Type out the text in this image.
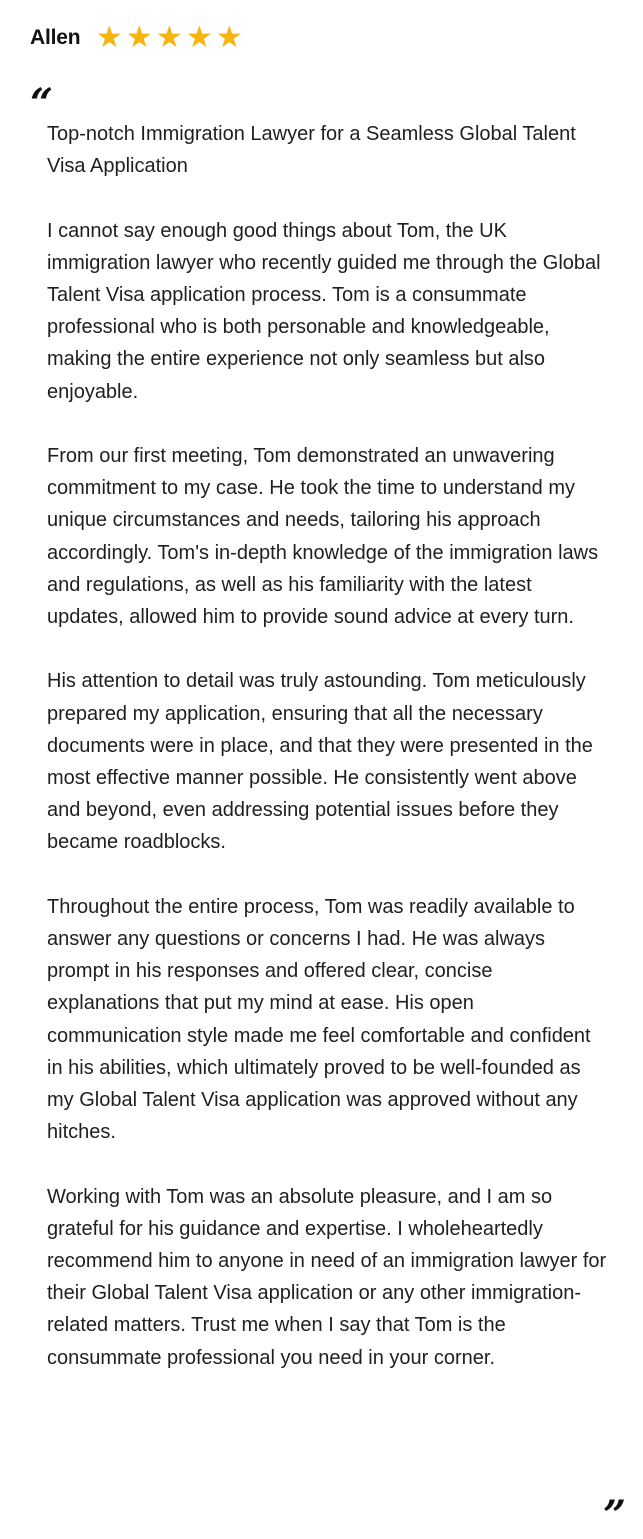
Allen ★ ★ ★ ★ ★
“

Top-notch Immigration Lawyer for a Seamless Global Talent Visa Application

I cannot say enough good things about Tom, the UK immigration lawyer who recently guided me through the Global Talent Visa application process. Tom is a consummate professional who is both personable and knowledgeable, making the entire experience not only seamless but also enjoyable.

From our first meeting, Tom demonstrated an unwavering commitment to my case. He took the time to understand my unique circumstances and needs, tailoring his approach accordingly. Tom's in-depth knowledge of the immigration laws and regulations, as well as his familiarity with the latest updates, allowed him to provide sound advice at every turn.

His attention to detail was truly astounding. Tom meticulously prepared my application, ensuring that all the necessary documents were in place, and that they were presented in the most effective manner possible. He consistently went above and beyond, even addressing potential issues before they became roadblocks.

Throughout the entire process, Tom was readily available to answer any questions or concerns I had. He was always prompt in his responses and offered clear, concise explanations that put my mind at ease. His open communication style made me feel comfortable and confident in his abilities, which ultimately proved to be well-founded as my Global Talent Visa application was approved without any hitches.

Working with Tom was an absolute pleasure, and I am so grateful for his guidance and expertise. I wholeheartedly recommend him to anyone in need of an immigration lawyer for their Global Talent Visa application or any other immigration-related matters. Trust me when I say that Tom is the consummate professional you need in your corner.

”
